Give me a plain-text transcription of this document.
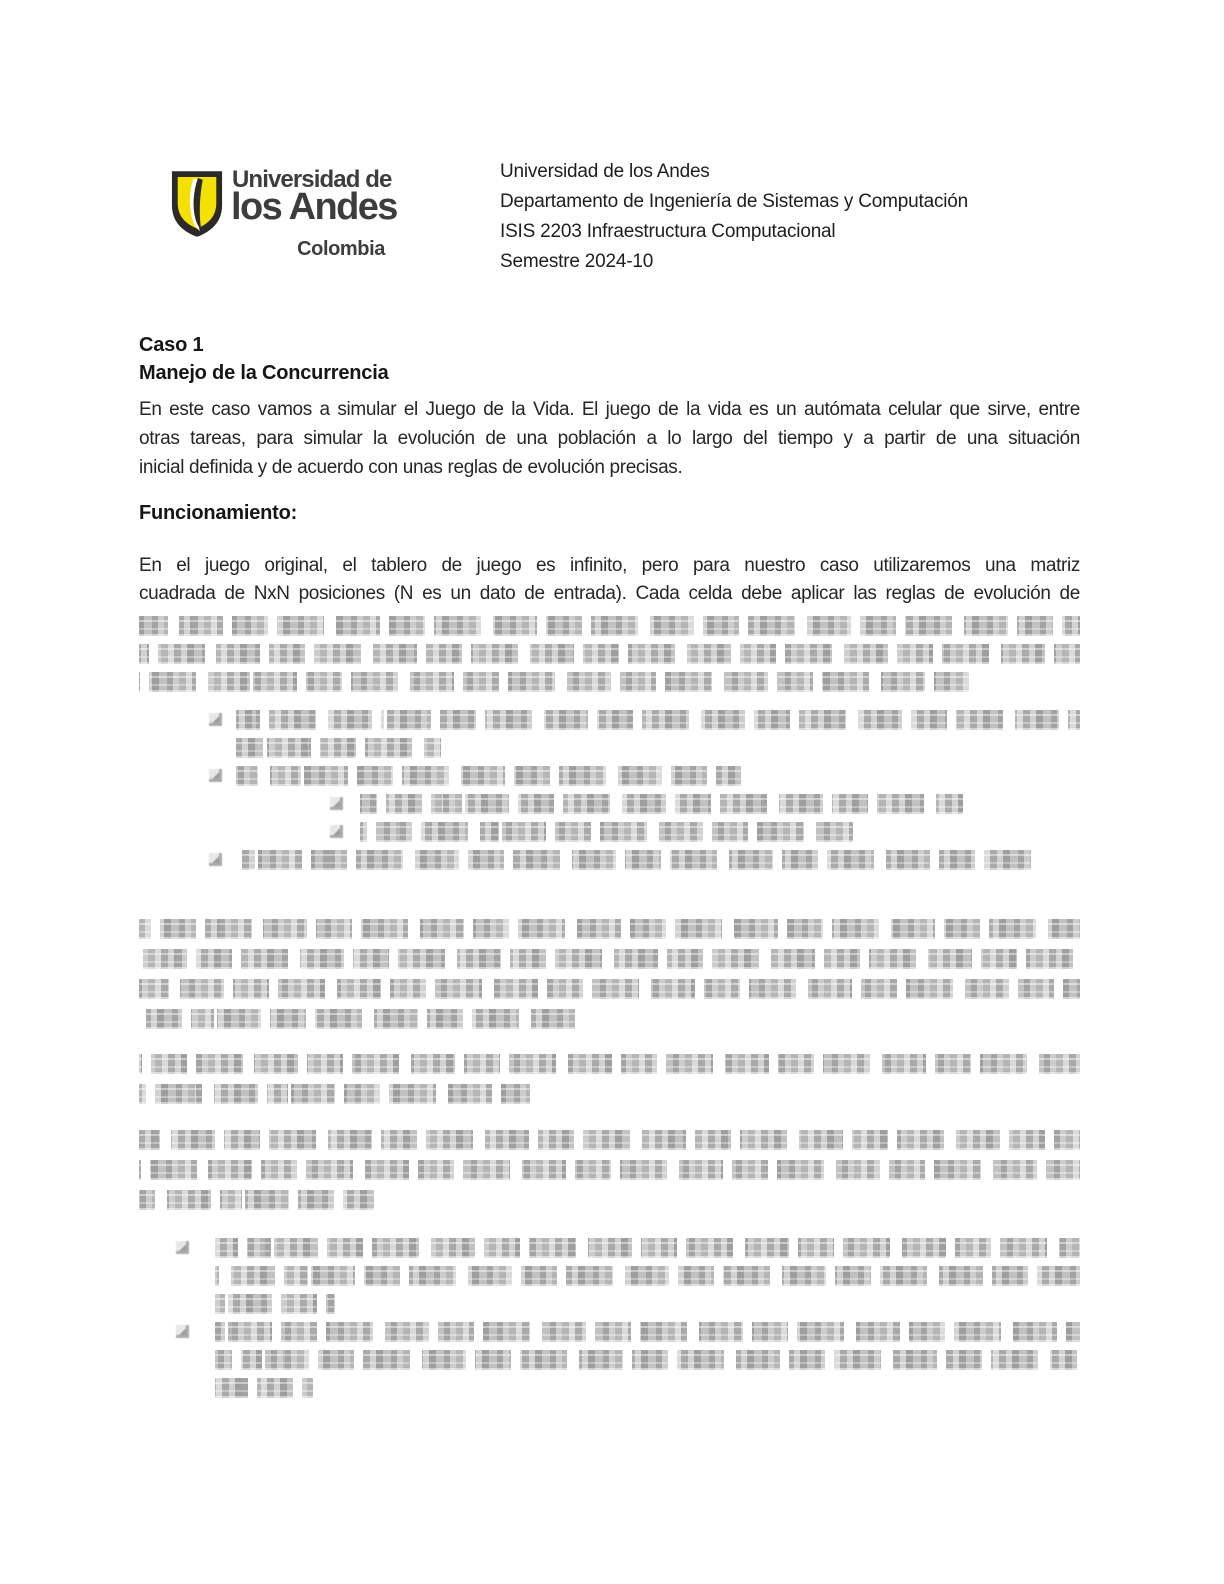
Universidad de
los Andes
Colombia
Universidad de los Andes
Departamento de Ingeniería de Sistemas y Computación
ISIS 2203 Infraestructura Computacional
Semestre 2024-10
Caso 1
Manejo de la Concurrencia
En este caso vamos a simular el Juego de la Vida. El juego de la vida es un autómata celular que sirve, entre
otras tareas, para simular la evolución de una población a lo largo del tiempo y a partir de una situación
inicial definida y de acuerdo con unas reglas de evolución precisas.
Funcionamiento:
En el juego original, el tablero de juego es infinito, pero para nuestro caso utilizaremos una matriz
cuadrada de NxN posiciones (N es un dato de entrada). Cada celda debe aplicar las reglas de evolución de
